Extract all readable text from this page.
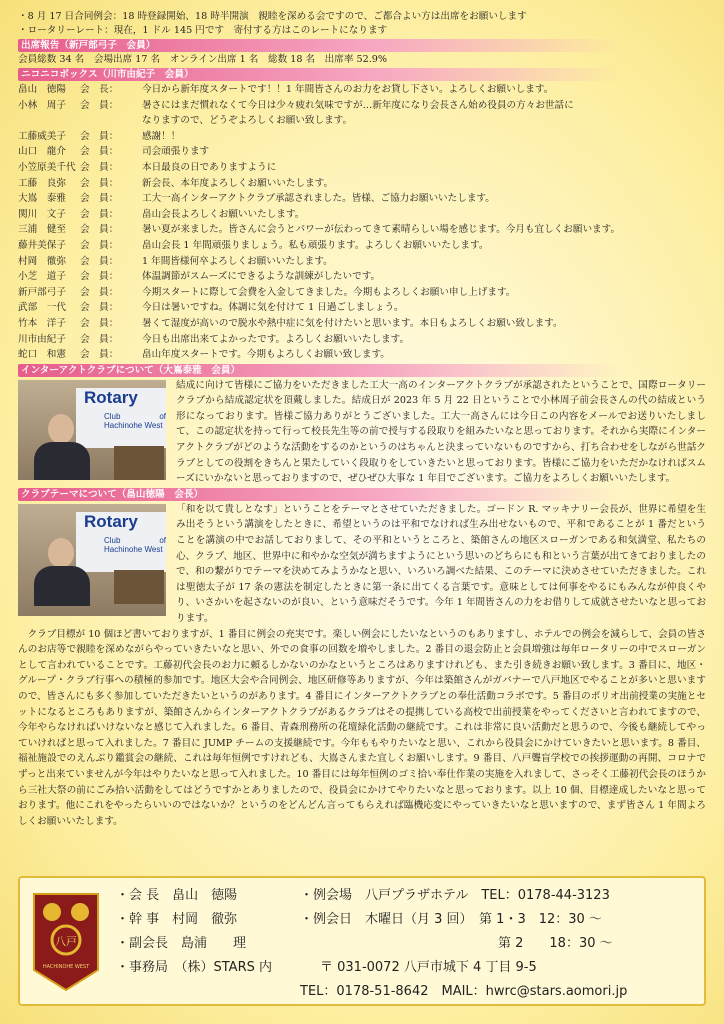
・8 月 17 日合同例会：18 時登録開始、18 時半開演　親睦を深める会ですので、ご都合よい方は出席をお願いします
・ロータリーレート：現在，1 ドル 145 円です　寄付する方はこのレートになります
出席報告（新戸部弓子　会員）
会員総数 34 名　会場出席 17 名　オンライン出席 1 名　総数 18 名　出席率 52.9%
ニコニコボックス（川市由紀子　会員）
畠山　徳陽	会　長：	今日から新年度スタートです！！1 年間皆さんのお力をお貸し下さい。よろしくお願いします。
小林　周子	会　員：	暑さにはまだ慣れなくて今日は少々疲れ気味ですが…新年度になり会長さん始め役員の方々お世話に
なりますので、どうぞよろしくお願い致します。
工藤威美子	会　員：	感謝！！
山口　龍介	会　員：	司会頑張ります
小笠原美千代 会　員：	本日最良の日でありますように
工藤　良弥	会　員：	新会長、本年度よろしくお願いいたします。
大嶌　泰雅	会　員：	工大一高インターアクトクラブ承認されました。皆様、ご協力お願いいたします。
関川　文子	会　員：	畠山会長よろしくお願いいたします。
三浦　健至	会　員：	暑い夏が来ました。皆さんに会うとパワーが伝わってきて素晴らしい場を感じます。今月も宜しくお願います。
藤井美保子	会　員：	畠山会長 1 年間頑張りましょう。私も頑張ります。よろしくお願いいたします。
村岡　徹弥	会　員：	1 年間皆様何卒よろしくお願いいたします。
小芝　道子	会　員：	体温調節がスムーズにできるような訓練がしたいです。
新戸部弓子	会　員：	今期スタートに際して会費を入金してきました。今期もよろしくお願い申し上げます。
武部　一代	会　員：	今日は暑いですね。体調に気を付けて 1 日過ごしましょう。
竹本　洋子	会　員：	暑くて湿度が高いので脱水や熱中症に気を付けたいと思います。本日もよろしくお願い致します。
川市由紀子	会　員：	今日も出席出来てよかったです。よろしくお願いいたします。
蛇口　和憲	会　員：	畠山年度スタートです。今期もよろしくお願い致します。
インターアクトクラブについて（大嶌泰雅　会員）
Rotary
Club of Hachinohe West
結成に向けて皆様にご協力をいただきました工大一高のインターアクトクラブが承認されたということで、国際ロータリークラブから結成認定状を頂戴しました。結成日が 2023 年 5 月 22 日ということで小林周子前会長さんの代の結成という形になっております。皆様ご協力ありがとうございました。工大一高さんには今日この内容をメールでお送りいたしまして、この認定状を持って行って校長先生等の前で授与する段取りを組みたいなと思っております。それから実際にインターアクトクラブがどのような活動をするのかというのはちゃんと決まっていないものですから、打ち合わせをしながら世話クラブとしての役割をきちんと果たしていく段取りをしていきたいと思っております。皆様にご協力をいただかなければスムーズにいかないと思っておりますので、ぜひぜひ大事な 1 年目でございます。ご協力をよろしくお願いいたします。
クラブテーマについて（畠山徳陽　会長）
Rotary
Club of Hachinohe West
「和を以て貴しとなす」ということをテーマとさせていただきました。ゴードン R. マッキナリー会長が、世界に希望を生み出そうという講演をしたときに、希望というのは平和でなければ生み出せないもので、平和であることが 1 番だということを講演の中でお話しておりまして、その平和というところと、築館さんの地区スローガンである和気満堂、私たちの心、クラブ、地区、世界中に和やかな空気が満ちますようにという思いのどちらにも和という言葉が出てきておりましたので、和の繋がりでテーマを決めてみようかなと思い、いろいろ調べた結果、このテーマに決めさせていただきました。これは聖徳太子が 17 条の憲法を制定したときに第一条に出てくる言葉です。意味としては何事をやるにもみんなが仲良くやり、いさかいを起さないのが良い、という意味だそうです。今年 1 年間皆さんの力をお借りして成就させたいなと思っております。
クラブ目標が 10 個ほど書いておりますが、1 番目に例会の充実です。楽しい例会にしたいなというのもありますし、ホテルでの例会を減らして、会員の皆さんのお店等で親睦を深めながらやっていきたいなと思い、外での食事の回数を増やしました。2 番目の退会防止と会員増強は毎年ロータリーの中でスローガンとして言われていることです。工藤初代会長のお力に頼るしかないのかなというところはありますけれども、また引き続きお願い致します。3 番目に、地区・グループ・クラブ行事への積極的参加です。地区大会や合同例会、地区研修等ありますが、今年は築館さんがガバナーで八戸地区でやることが多いと思いますので、皆さんにも多く参加していただきたいというのがあります。4 番目にインターアクトクラブとの奉仕活動コラボです。5 番目のポリオ出前授業の実施とセットになるところもありますが、築館さんからインターアクトクラブがあるクラブはその提携している高校で出前授業をやってくださいと言われてますので、今年やらなければいけないなと感じて入れました。6 番目、青森刑務所の花壇緑化活動の継続です。これは非常に良い活動だと思うので、今後も継続してやっていければと思って入れました。7 番目に JUMP チームの支援継続です。今年ももやりたいなと思い、これから役員会にかけていきたいと思います。8 番目、福祉施設でのえんぶり鑑賞会の継続、これは毎年恒例ですけれども、大嶌さんまた宜しくお願いします。9 番目、八戸聾盲学校での挨拶運動の再開、コロナでずっと出来ていませんが今年はやりたいなと思って入れました。10 番目には毎年恒例のゴミ拾い奉仕作業の実施を入れまして、さっそく工藤初代会長のほうから三社大祭の前にごみ拾い活動をしてはどうですかとありましたので、役員会にかけてやりたいなと思っております。以上 10 個、目標達成したいなと思っております。他にこれをやったらいいのではないか？というのをどんどん言ってもらえれば臨機応変にやっていきたいなと思いますので、まず皆さん 1 年間よろしくお願いいたします。
八戸
HACHINOHE WEST
・会 長　畠山　徳陽
・幹 事　村岡　徹弥
・副会長　島浦　　理
・事務局　（株）STARS 内
・例会場　八戸プラザホテル　TEL：0178-44-3123
・例会日　木曜日（月 3 回）　第 1・3　12：30 〜
第 2　　18：30 〜
〒 031-0072 八戸市城下 4 丁目 9-5
TEL：0178-51-8642　MAIL：hwrc@stars.aomori.jp
